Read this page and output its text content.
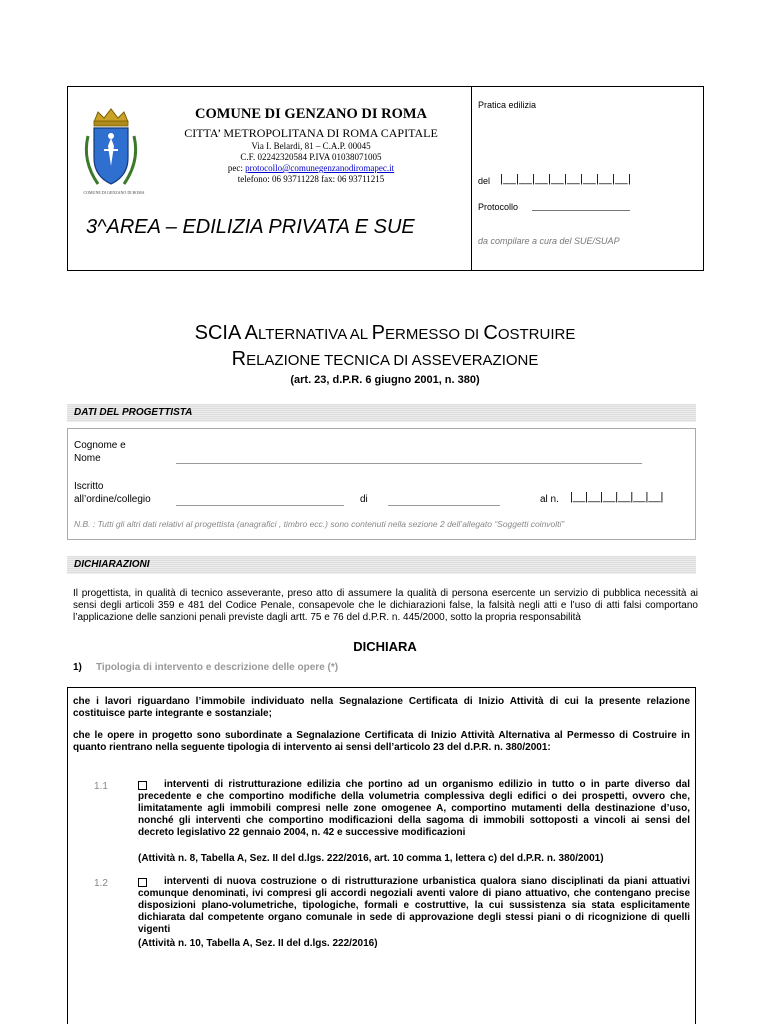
COMUNE DI GENZANO DI ROMA
COMUNE DI GENZANO DI ROMA
CITTA’ METROPOLITANA DI ROMA CAPITALE
Via I. Belardi, 81 – C.A.P. 00045
C.F. 02242320584 P.IVA 01038071005
pec: protocollo@comunegenzanodiromapec.it
telefono: 06 93711228 fax: 06 93711215
3^AREA – EDILIZIA PRIVATA E SUE
Pratica edilizia
del |__|__|__|__|__|__|__|__|
Protocollo
da compilare a cura del SUE/SUAP
SCIA ALTERNATIVA AL PERMESSO DI COSTRUIRE
RELAZIONE TECNICA DI ASSEVERAZIONE
(art. 23, d.P.R. 6 giugno 2001, n. 380)
DATI DEL PROGETTISTA
Cognome e
Nome
Iscritto
all’ordine/collegio	di	al n. |__|__|__|__|__|__|
N.B. : Tutti gli altri dati relativi al progettista (anagrafici , timbro ecc.) sono contenuti nella sezione 2 dell’allegato “Soggetti coinvolti”
DICHIARAZIONI
Il progettista, in qualità di tecnico asseverante, preso atto di assumere la qualità di persona esercente un servizio di pubblica necessità ai sensi degli articoli 359 e 481 del Codice Penale, consapevole che le dichiarazioni false, la falsità negli atti e l’uso di atti falsi comportano l’applicazione delle sanzioni penali previste dagli artt. 75 e 76 del d.P.R. n. 445/2000, sotto la propria responsabilità
DICHIARA
1) Tipologia di intervento e descrizione delle opere (*)
che i lavori riguardano l’immobile individuato nella Segnalazione Certificata di Inizio Attività di cui la presente relazione costituisce parte integrante e sostanziale;
che le opere in progetto sono subordinate a Segnalazione Certificata di Inizio Attività Alternativa al Permesso di Costruire in quanto rientrano nella seguente tipologia di intervento ai sensi dell’articolo 23 del d.P.R. n. 380/2001:
1.1	interventi di ristrutturazione edilizia che portino ad un organismo edilizio in tutto o in parte diverso dal precedente e che comportino modifiche della volumetria complessiva degli edifici o dei prospetti, ovvero che, limitatamente agli immobili compresi nelle zone omogenee A, comportino mutamenti della destinazione d’uso, nonché gli interventi che comportino modificazioni della sagoma di immobili sottoposti a vincoli ai sensi del decreto legislativo 22 gennaio 2004, n. 42 e successive modificazioni
(Attività n. 8, Tabella A, Sez. II del d.lgs. 222/2016, art. 10 comma 1, lettera c) del d.P.R. n. 380/2001)
1.2	interventi di nuova costruzione o di ristrutturazione urbanistica qualora siano disciplinati da piani attuativi comunque denominati, ivi compresi gli accordi negoziali aventi valore di piano attuativo, che contengano precise disposizioni plano-volumetriche, tipologiche, formali e costruttive, la cui sussistenza sia stata esplicitamente dichiarata dal competente organo comunale in sede di approvazione degli stessi piani o di ricognizione di quelli vigenti
(Attività n. 10, Tabella A, Sez. II del d.lgs. 222/2016)
